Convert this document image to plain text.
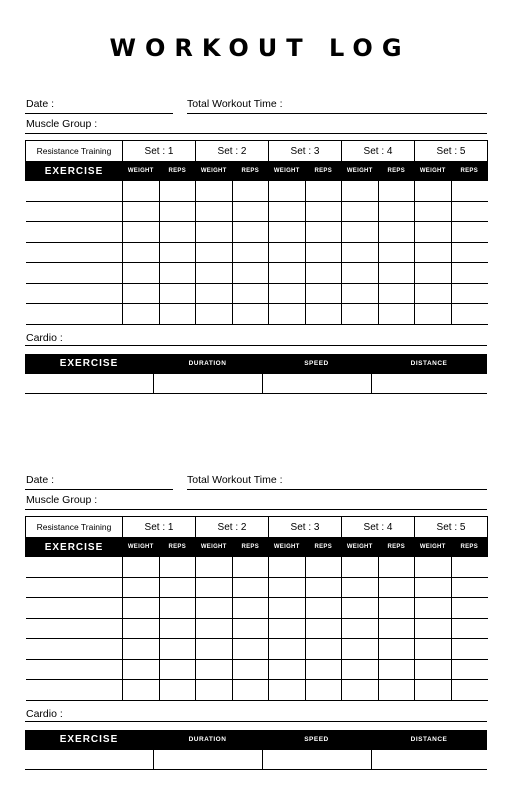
WORKOUT LOG
Date :	Total Workout Time :
Muscle Group :
Resistance Training	Set : 1		Set : 2		Set : 3		Set : 4		Set : 5	
EXERCISE	WEIGHT	REPS	WEIGHT	REPS	WEIGHT	REPS	WEIGHT	REPS	WEIGHT	REPS

Cardio :
EXERCISE	DURATION	SPEED	DISTANCE
Date :	Total Workout Time :
Muscle Group :
Resistance Training	Set : 1		Set : 2		Set : 3		Set : 4		Set : 5	
EXERCISE	WEIGHT	REPS	WEIGHT	REPS	WEIGHT	REPS	WEIGHT	REPS	WEIGHT	REPS

Cardio :
EXERCISE	DURATION	SPEED	DISTANCE
